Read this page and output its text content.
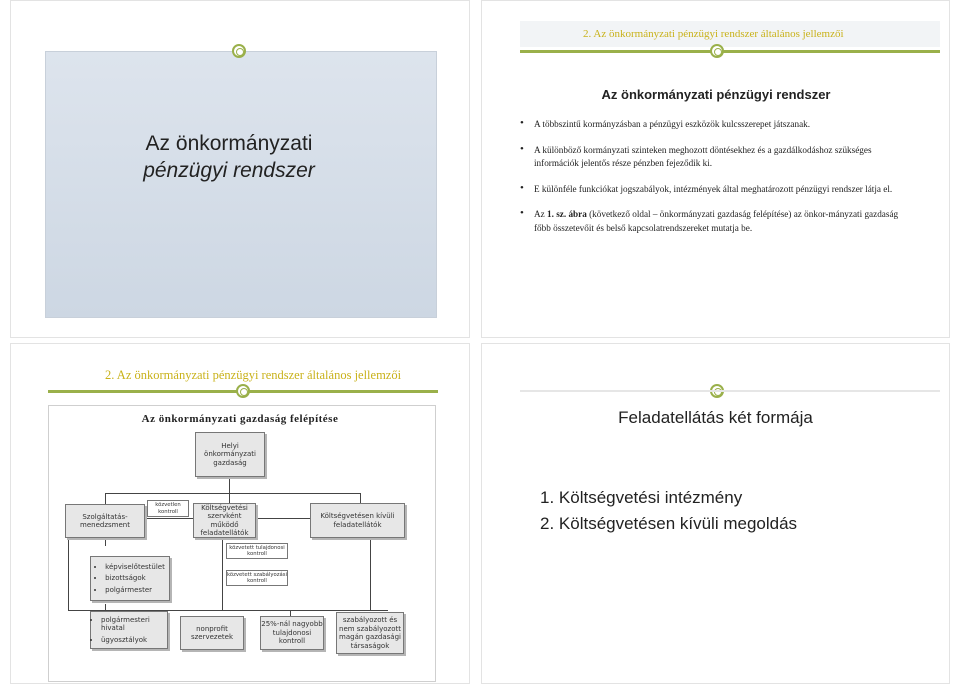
Az önkormányzati
pénzügyi rendszer
2. Az önkormányzati pénzügyi rendszer általános jellemzői
Az önkormányzati pénzügyi rendszer
• A többszintű kormányzásban a pénzügyi eszközök kulcsszerepet játszanak.
• A különböző kormányzati szinteken meghozott döntésekhez és a gazdálkodáshoz szükséges információk jelentős része pénzben fejeződik ki.
• E különféle funkciókat jogszabályok, intézmények által meghatározott pénzügyi rendszer látja el.
• Az 1. sz. ábra (következő oldal – önkormányzati gazdaság felépítése) az önkor-mányzati gazdaság főbb összetevőit és belső kapcsolatrendszereket mutatja be.
2. Az önkormányzati pénzügyi rendszer általános jellemzői
Az önkormányzati gazdaság felépítése
Helyi önkormányzati gazdaság
Szolgáltatás-menedzsment
közvetlen kontroll	Költségvetési szervként működő feladatellátók
Költségvetésen kívüli feladatellátók
közvetett tulajdonosi kontroll
közvetett szabályozási kontroll
• képviselőtestület
• bizottságok
• polgármester
• polgármesteri hivatal
• ügyosztályok
nonprofit szervezetek
25%-nál nagyobb tulajdonosi kontroll
szabályozott és nem szabályozott magán gazdasági társaságok
Feladatellátás két formája
1. Költségvetési intézmény
2. Költségvetésen kívüli megoldás
